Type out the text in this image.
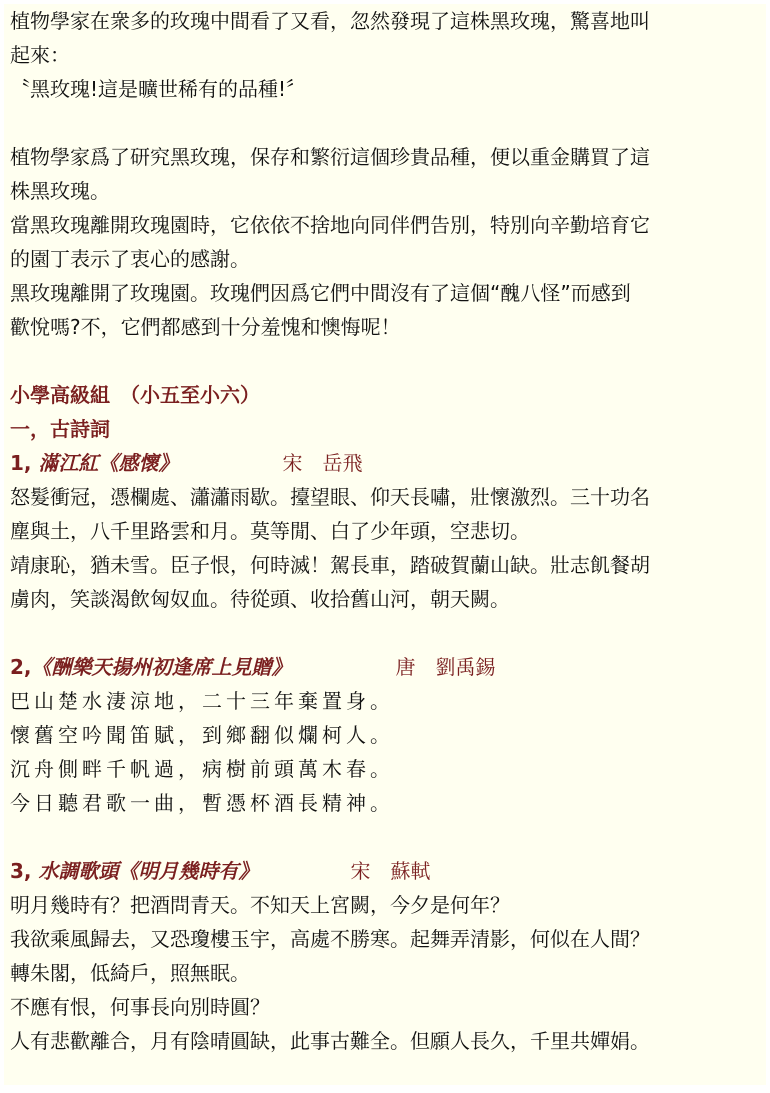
植物學家在衆多的玫瑰中間看了又看，忽然發現了這株黑玫瑰，驚喜地叫

起來：

〝黑玫瑰!這是曠世稀有的品種!〞

植物學家爲了研究黑玫瑰，保存和繁衍這個珍貴品種，便以重金購買了這

株黑玫瑰。

當黑玫瑰離開玫瑰園時，它依依不捨地向同伴們告別，特別向辛勤培育它

的園丁表示了衷心的感謝。

黑玫瑰離開了玫瑰園。玫瑰們因爲它們中間沒有了這個“醜八怪”而感到

歡悅嗎?不，它們都感到十分羞愧和懊悔呢！

小學高級組　（小五至小六）

一，古詩詞

1, 滿江紅《感懷》	宋　岳飛

怒髮衝冠，憑欄處、瀟瀟雨歇。擡望眼、仰天長嘯，壯懷激烈。三十功名

塵與土，八千里路雲和月。莫等閒、白了少年頭，空悲切。

靖康恥，猶未雪。臣子恨，何時滅！駕長車，踏破賀蘭山缺。壯志飢餐胡

虜肉，笑談渴飲匈奴血。待從頭、收拾舊山河，朝天闕。

2,《酬樂天揚州初逢席上見贈》	唐　劉禹錫

巴山楚水淒涼地，二十三年棄置身。

懷舊空吟聞笛賦，到鄉翻似爛柯人。

沉舟側畔千帆過，病樹前頭萬木春。

今日聽君歌一曲，暫憑杯酒長精神。

3, 水調歌頭《明月幾時有》	宋　蘇軾

明月幾時有？把酒問青天。不知天上宮闕，今夕是何年？

我欲乘風歸去，又恐瓊樓玉宇，高處不勝寒。起舞弄清影，何似在人間？

轉朱閣，低綺戶，照無眠。

不應有恨，何事長向別時圓？

人有悲歡離合，月有陰晴圓缺，此事古難全。但願人長久，千里共嬋娟。
